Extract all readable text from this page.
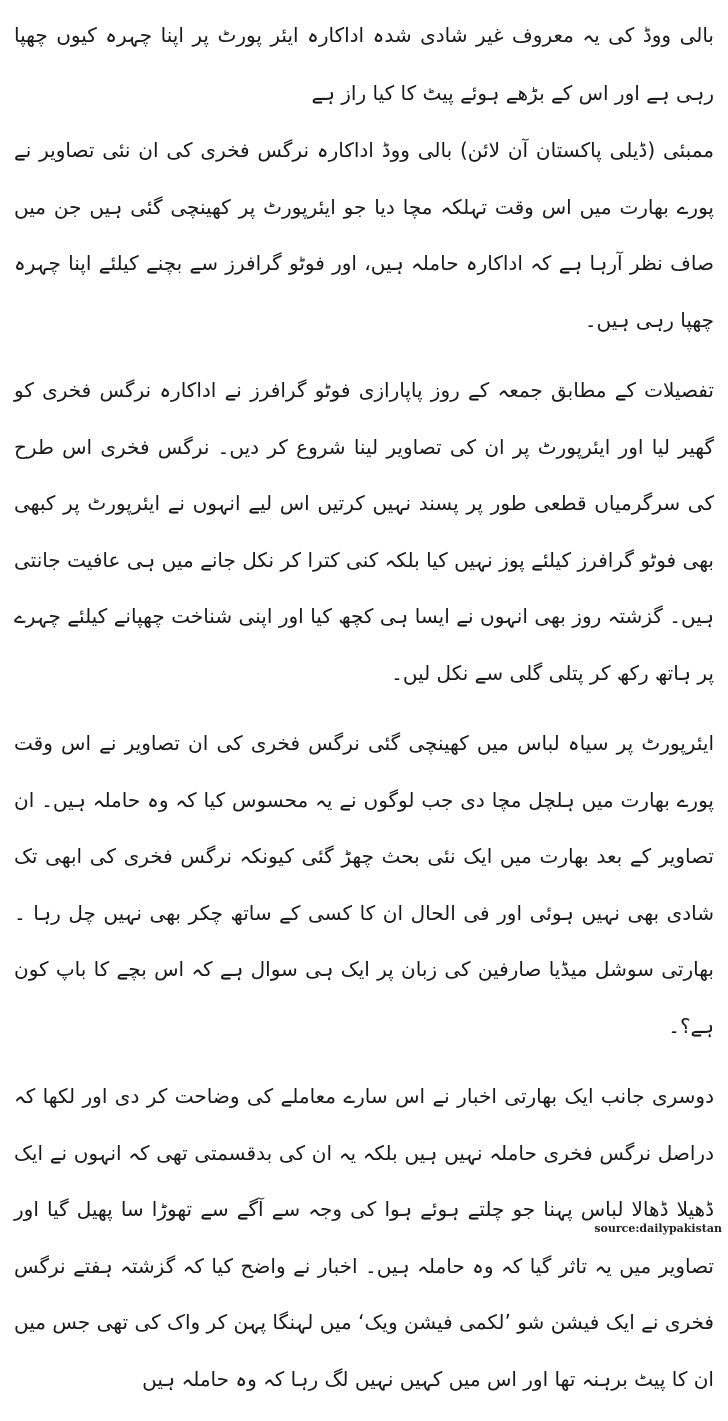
بالی ووڈ کی یہ معروف غیر شادی شدہ اداکارہ ایئر پورٹ پر اپنا چہرہ کیوں چھپا رہی ہے اور اس کے بڑھے ہوئے پیٹ کا کیا راز ہے

ممبئی (ڈیلی پاکستان آن لائن) بالی ووڈ اداکارہ نرگس فخری کی ان نئی تصاویر نے پورے بھارت میں اس وقت تہلکہ مچا دیا جو ایئرپورٹ پر کھینچی گئی ہیں جن میں صاف نظر آرہا ہے کہ اداکارہ حاملہ ہیں، اور فوٹو گرافرز سے بچنے کیلئے اپنا چہرہ چھپا رہی ہیں۔

تفصیلات کے مطابق جمعہ کے روز پاپارازی فوٹو گرافرز نے اداکارہ نرگس فخری کو گھیر لیا اور ایئرپورٹ پر ان کی تصاویر لینا شروع کر دیں۔ نرگس فخری اس طرح کی سرگرمیاں قطعی طور پر پسند نہیں کرتیں اس لیے انہوں نے ایئرپورٹ پر کبھی بھی فوٹو گرافرز کیلئے پوز نہیں کیا بلکہ کنی کترا کر نکل جانے میں ہی عافیت جانتی ہیں۔ گزشتہ روز بھی انہوں نے ایسا ہی کچھ کیا اور اپنی شناخت چھپانے کیلئے چہرے پر ہاتھ رکھ کر پتلی گلی سے نکل لیں۔

ایئرپورٹ پر سیاہ لباس میں کھینچی گئی نرگس فخری کی ان تصاویر نے اس وقت پورے بھارت میں ہلچل مچا دی جب لوگوں نے یہ محسوس کیا کہ وہ حاملہ ہیں۔ ان تصاویر کے بعد بھارت میں ایک نئی بحث چھڑ گئی کیونکہ نرگس فخری کی ابھی تک شادی بھی نہیں ہوئی اور فی الحال ان کا کسی کے ساتھ چکر بھی نہیں چل رہا ۔ بھارتی سوشل میڈیا صارفین کی زبان پر ایک ہی سوال ہے کہ اس بچے کا باپ کون ہے؟۔

دوسری جانب ایک بھارتی اخبار نے اس سارے معاملے کی وضاحت کر دی اور لکھا کہ دراصل نرگس فخری حاملہ نہیں ہیں بلکہ یہ ان کی بدقسمتی تھی کہ انہوں نے ایک ڈھیلا ڈھالا لباس پہنا جو چلتے ہوئے ہوا کی وجہ سے آگے سے تھوڑا سا پھیل گیا اور تصاویر میں یہ تاثر گیا کہ وہ حاملہ ہیں۔ اخبار نے واضح کیا کہ گزشتہ ہفتے نرگس فخری نے ایک فیشن شو ’لکمی فیشن ویک‘ میں لہنگا پہن کر واک کی تھی جس میں ان کا پیٹ برہنہ تھا اور اس میں کہیں نہیں لگ رہا کہ وہ حاملہ ہیں

source:dailypakistan
